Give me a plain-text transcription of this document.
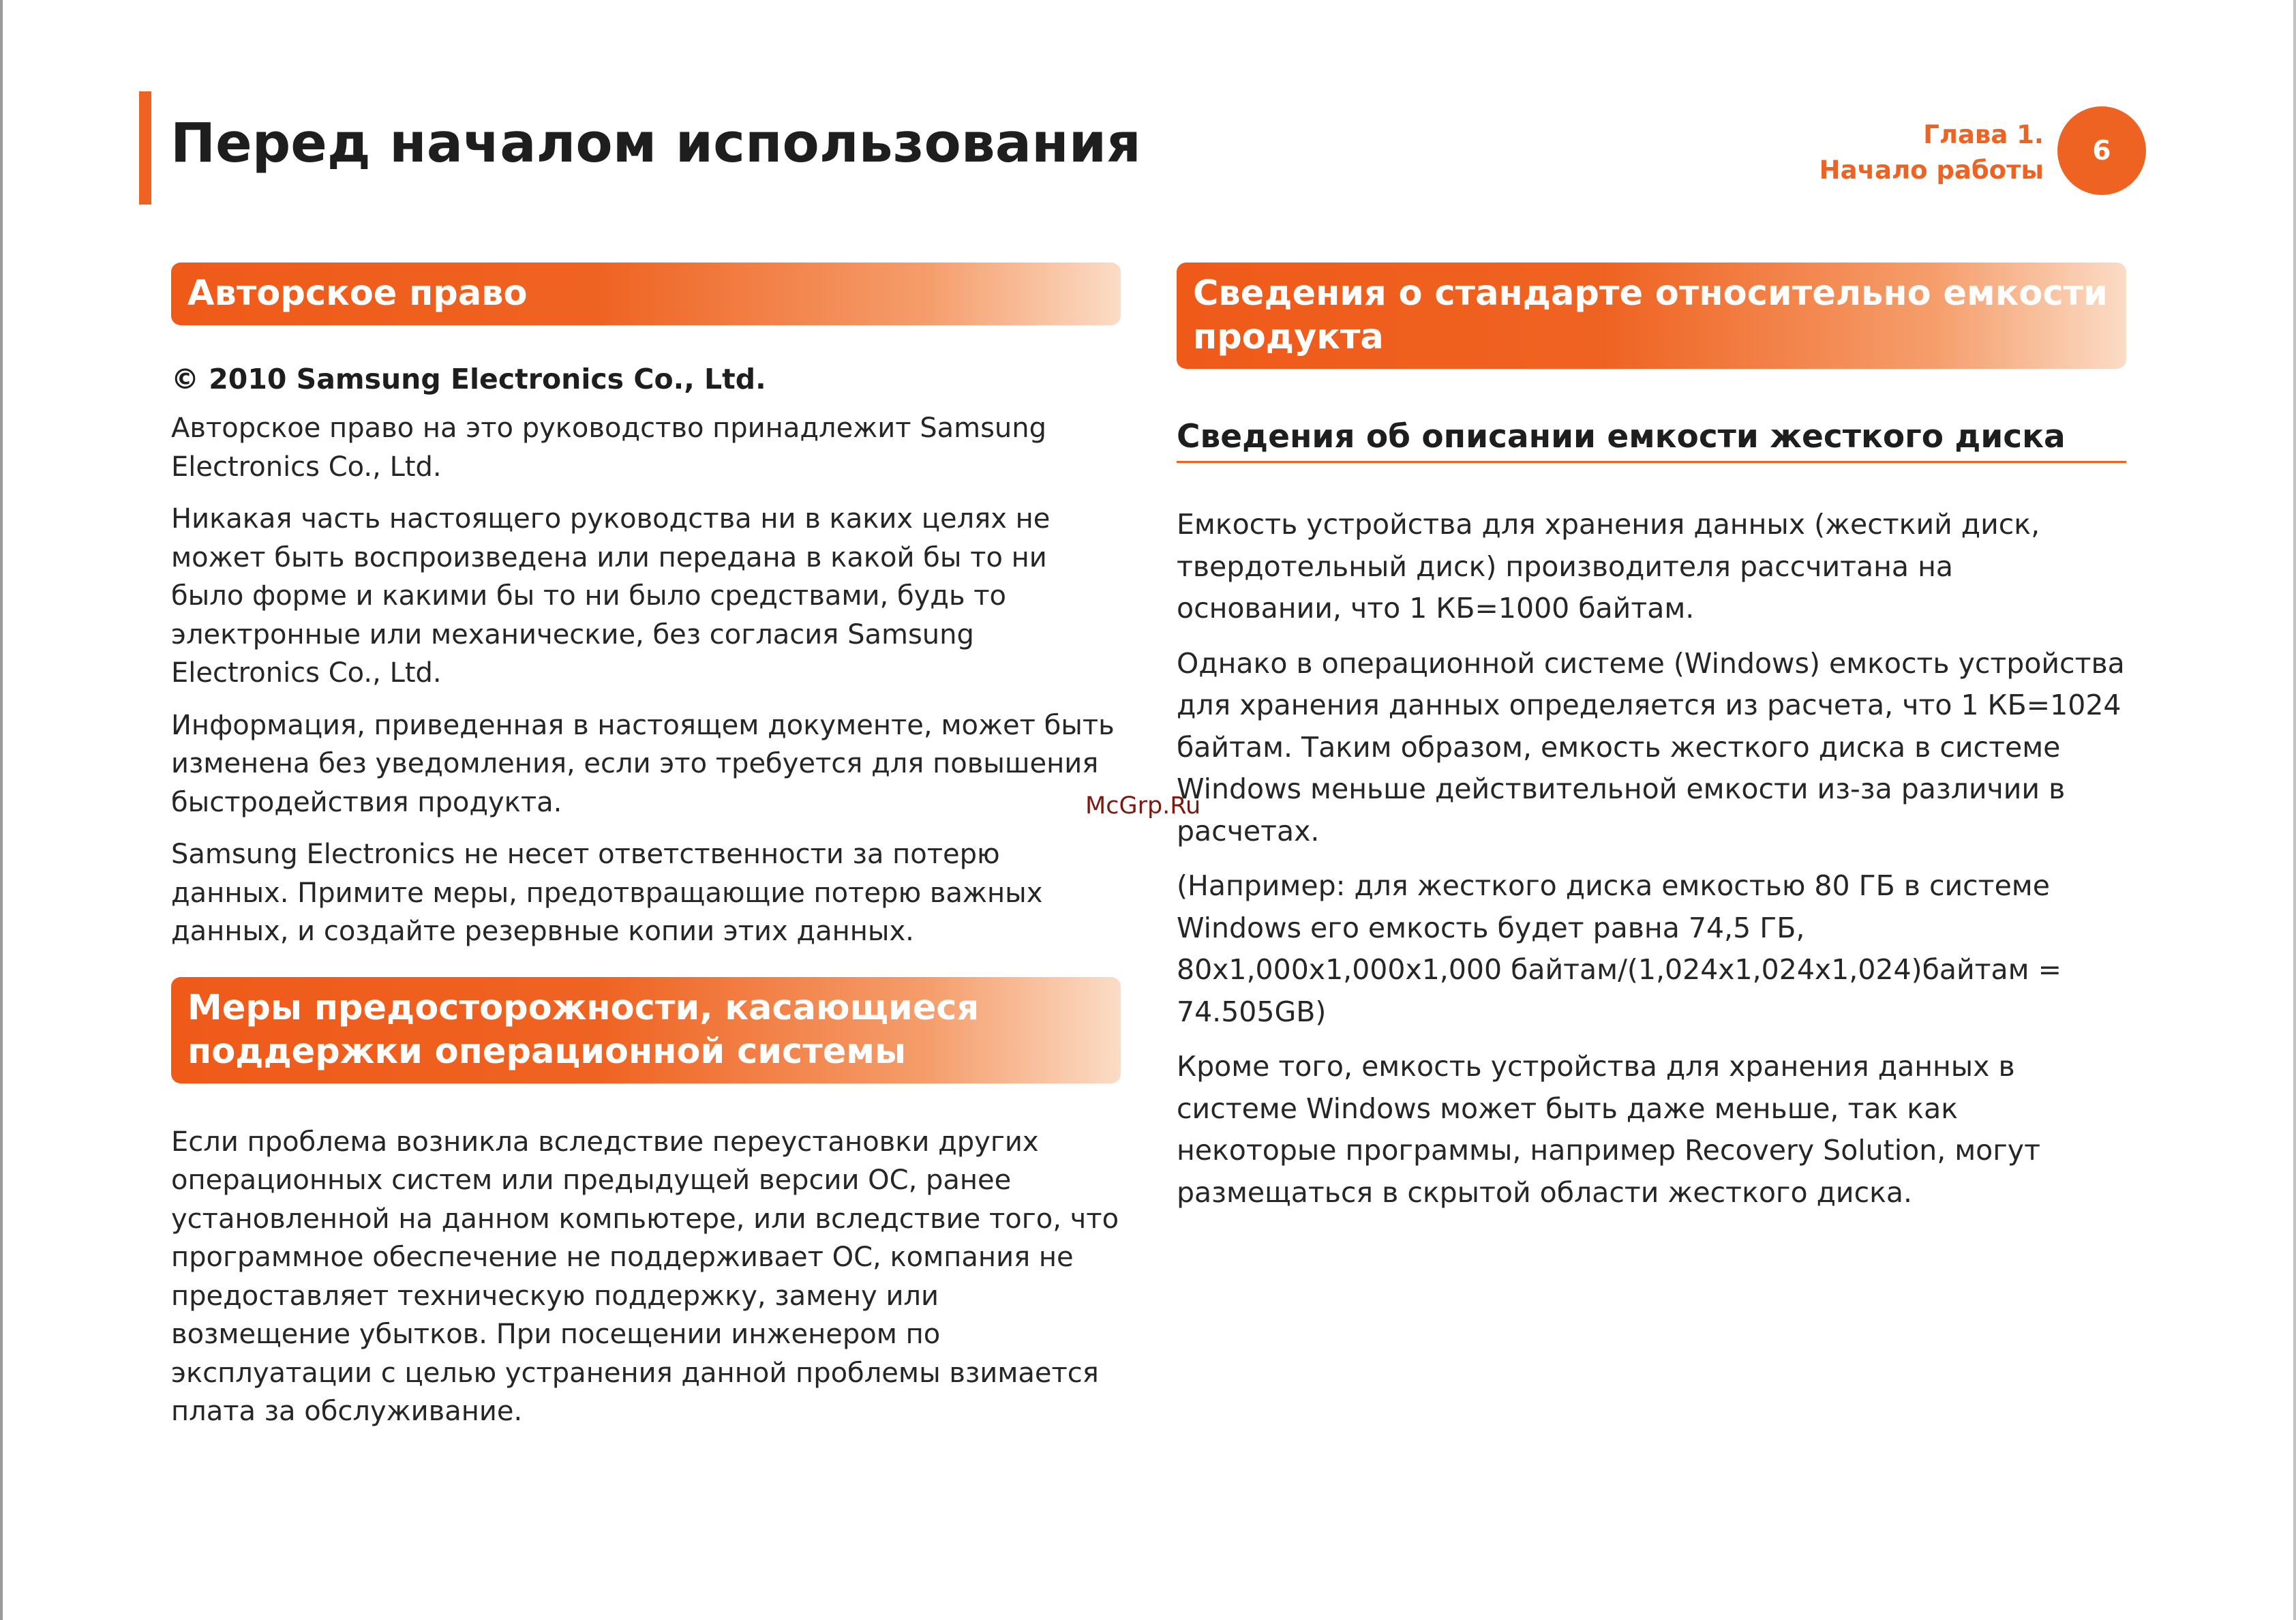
Перед началом использования	Глава 1.
Начало работы
6
Авторское право
© 2010 Samsung Electronics Co., Ltd.

Авторское право на это руководство принадлежит Samsung Electronics Co., Ltd.

Никакая часть настоящего руководства ни в каких целях не может быть воспроизведена или передана в какой бы то ни было форме и какими бы то ни было средствами, будь то электронные или механические, без согласия Samsung Electronics Co., Ltd.

Информация, приведенная в настоящем документе, может быть изменена без уведомления, если это требуется для повышения быстродействия продукта.

Samsung Electronics не несет ответственности за потерю данных. Примите меры, предотвращающие потерю важных данных, и создайте резервные копии этих данных.

Меры предосторожности, касающиеся поддержки операционной системы

Если проблема возникла вследствие переустановки других операционных систем или предыдущей версии ОС, ранее установленной на данном компьютере, или вследствие того, что программное обеспечение не поддерживает ОС, компания не предоставляет техническую поддержку, замену или возмещение убытков. При посещении инженером по эксплуатации с целью устранения данной проблемы взимается плата за обслуживание.

Сведения о стандарте относительно емкости продукта
Сведения об описании емкости жесткого диска

Емкость устройства для хранения данных (жесткий диск, твердотельный диск) производителя рассчитана на основании, что 1 КБ=1000 байтам.

Однако в операционной системе (Windows) емкость устройства для хранения данных определяется из расчета, что 1 КБ=1024 байтам. Таким образом, емкость жесткого диска в системе Windows меньше действительной емкости из-за различии в расчетах.

(Например: для жесткого диска емкостью 80 ГБ в системе Windows его емкость будет равна 74,5 ГБ, 80x1,000x1,000x1,000 байтам/(1,024x1,024x1,024)байтам = 74.505GB)

Кроме того, емкость устройства для хранения данных в системе Windows может быть даже меньше, так как некоторые программы, например Recovery Solution, могут размещаться в скрытой области жесткого диска.

McGrp.Ru
